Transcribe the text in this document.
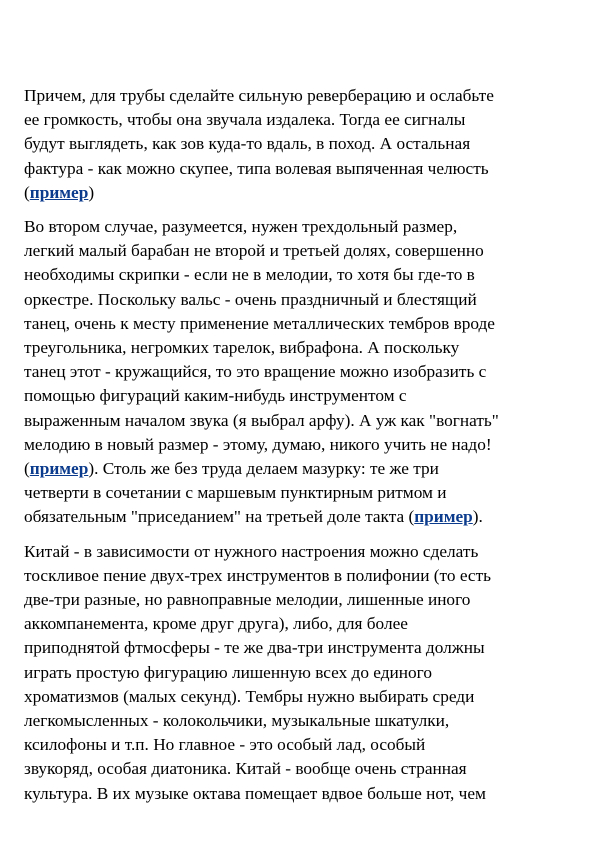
Причем, для трубы сделайте сильную реверберацию и ослабьте
ее громкость, чтобы она звучала издалека. Тогда ее сигналы
будут выглядеть, как зов куда-то вдаль, в поход. А остальная
фактура - как можно скупее, типа волевая выпяченная челюсть
(пример)

Во втором случае, разумеется, нужен трехдольный размер,
легкий малый барабан не второй и третьей долях, совершенно
необходимы скрипки - если не в мелодии, то хотя бы где-то в
оркестре. Поскольку вальс - очень праздничный и блестящий
танец, очень к месту применение металлических тембров вроде
треугольника, негромких тарелок, вибрафона. А поскольку
танец этот - кружащийся, то это вращение можно изобразить с
помощью фигураций каким-нибудь инструментом с
выраженным началом звука (я выбрал арфу). А уж как "вогнать"
мелодию в новый размер - этому, думаю, никого учить не надо!
(пример). Столь же без труда делаем мазурку: те же три
четверти в сочетании с маршевым пунктирным ритмом и
обязательным "приседанием" на третьей доле такта (пример).

Китай - в зависимости от нужного настроения можно сделать
тоскливое пение двух-трех инструментов в полифонии (то есть
две-три разные, но равноправные мелодии, лишенные иного
аккомпанемента, кроме друг друга), либо, для более
приподнятой фтмосферы - те же два-три инструмента должны
играть простую фигурацию лишенную всех до единого
хроматизмов (малых секунд). Тембры нужно выбирать среди
легкомысленных - колокольчики, музыкальные шкатулки,
ксилофоны и т.п. Но главное - это особый лад, особый
звукоряд, особая диатоника. Китай - вообще очень странная
культура. В их музыке октава помещает вдвое больше нот, чем
